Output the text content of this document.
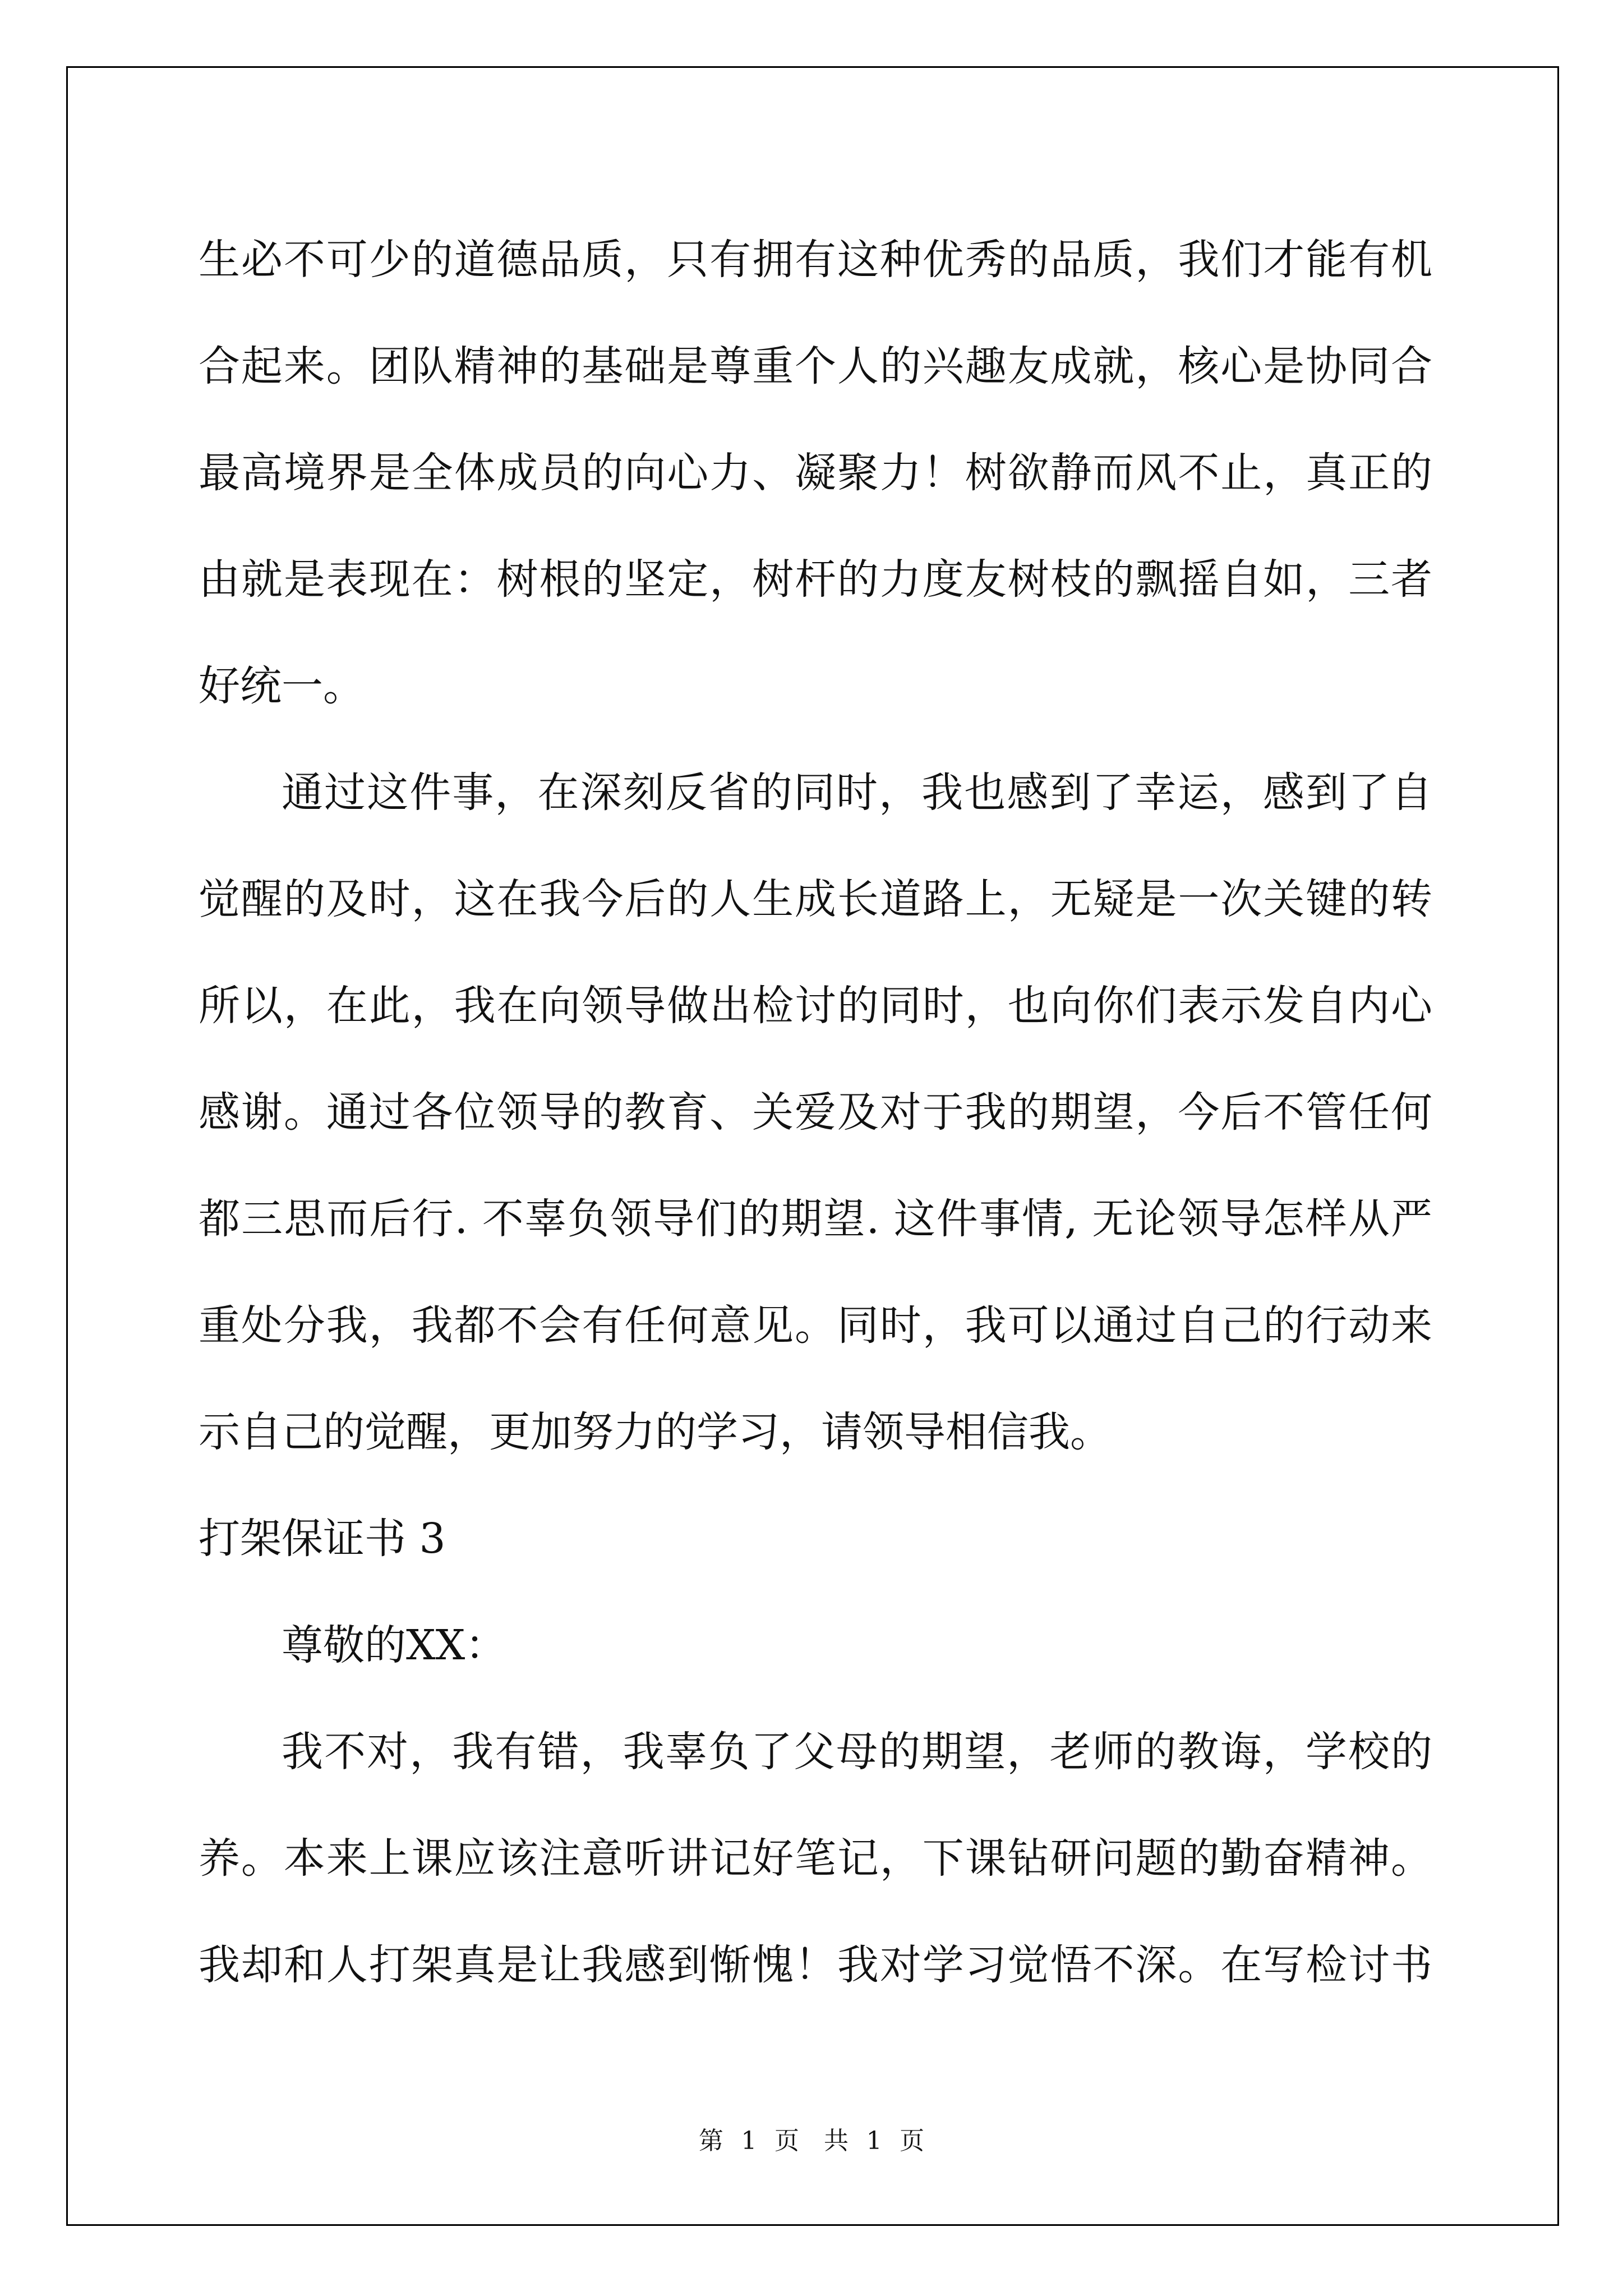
生必不可少的道德品质，只有拥有这种优秀的品质，我们才能有机
合起来。团队精神的基础是尊重个人的兴趣友成就，核心是协同合
最高境界是全体成员的向心力、凝聚力！树欲静而风不止，真正的
由就是表现在：树根的坚定，树杆的力度友树枝的飘摇自如，三者
好统一。
通过这件事，在深刻反省的同时，我也感到了幸运，感到了自
觉醒的及时，这在我今后的人生成长道路上，无疑是一次关键的转
所以，在此，我在向领导做出检讨的同时，也向你们表示发自内心
感谢。通过各位领导的教育、关爱及对于我的期望，今后不管任何
都三思而后行. 不辜负领导们的期望. 这件事情, 无论领导怎样从严
重处分我，我都不会有任何意见。同时，我可以通过自己的行动来
示自己的觉醒，更加努力的学习，请领导相信我。
打架保证书 3
尊敬的XX：
我不对，我有错，我辜负了父母的期望，老师的教诲，学校的
养。本来上课应该注意听讲记好笔记，下课钻研问题的勤奋精神。
我却和人打架真是让我感到惭愧！我对学习觉悟不深。在写检讨书
第 1 页　共 1 页
